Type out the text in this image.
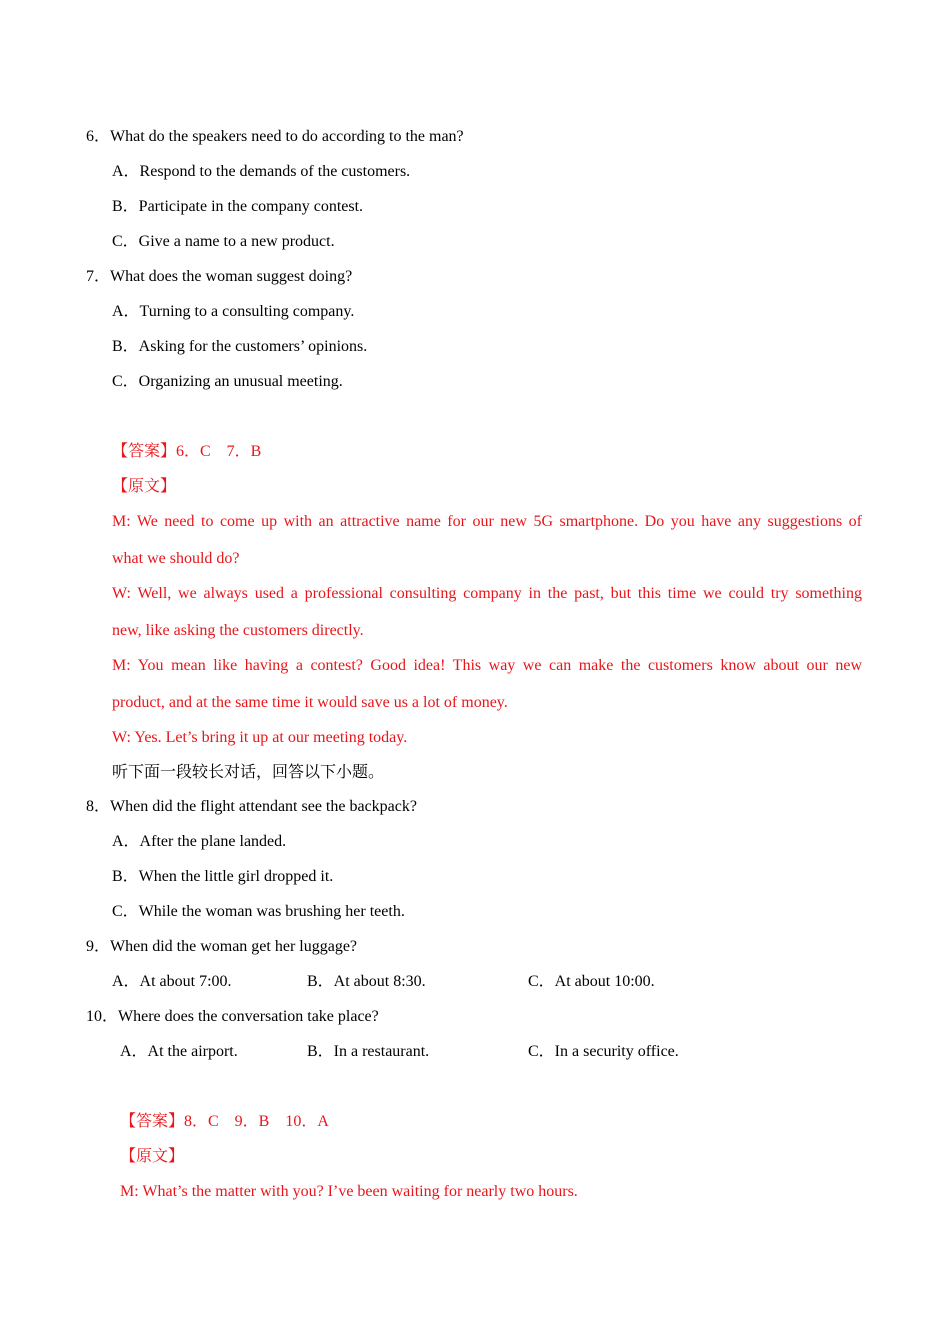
6．What do the speakers need to do according to the man?
A．Respond to the demands of the customers.
B．Participate in the company contest.
C．Give a name to a new product.
7．What does the woman suggest doing?
A．Turning to a consulting company.
B．Asking for the customers’ opinions.
C．Organizing an unusual meeting.
【答案】6．C　7．B
【原文】
M: We need to come up with an attractive name for our new 5G smartphone. Do you have any suggestions of
what we should do?
W: Well, we always used a professional consulting company in the past, but this time we could try something
new, like asking the customers directly.
M: You mean like having a contest? Good idea! This way we can make the customers know about our new
product, and at the same time it would save us a lot of money.
W: Yes. Let’s bring it up at our meeting today.
听下面一段较长对话，回答以下小题。
8．When did the flight attendant see the backpack?
A．After the plane landed.
B．When the little girl dropped it.
C．While the woman was brushing her teeth.
9．When did the woman get her luggage?
A．At about 7:00.	B．At about 8:30.	C．At about 10:00.
10．Where does the conversation take place?
A．At the airport.	B．In a restaurant.	C．In a security office.
【答案】8．C　9．B　10．A
【原文】
M: What’s the matter with you? I’ve been waiting for nearly two hours.
